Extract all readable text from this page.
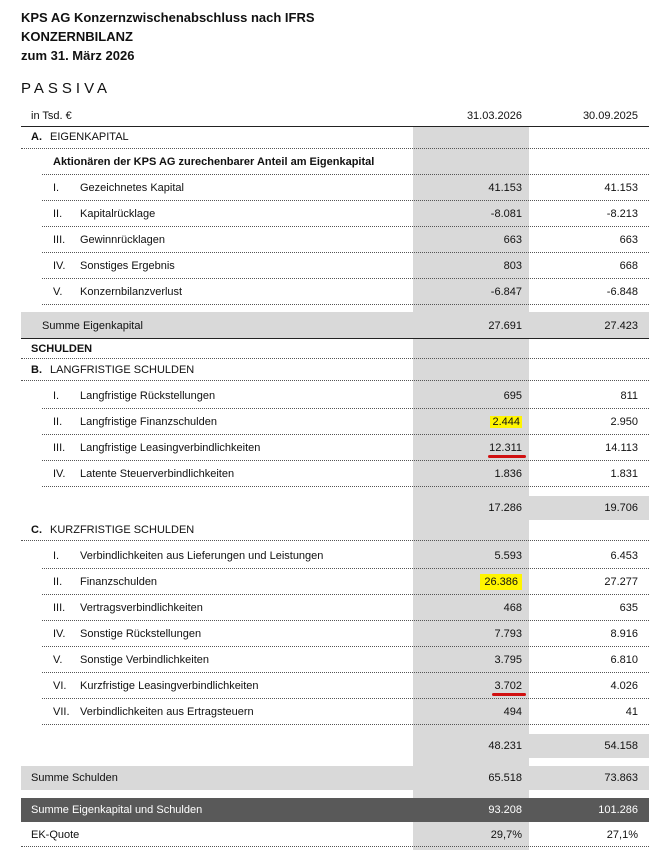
KPS AG Konzernzwischenabschluss nach IFRS
KONZERNBILANZ
zum 31. März 2026
PASSIVA
in Tsd. €	31.03.2026	30.09.2025
A. EIGENKAPITAL
Aktionären der KPS AG zurechenbarer Anteil am Eigenkapital
I. Gezeichnetes Kapital	41.153	41.153
II. Kapitalrücklage	-8.081	-8.213
III. Gewinnrücklagen	663	663
IV. Sonstiges Ergebnis	803	668
V. Konzernbilanzverlust	-6.847	-6.848
Summe Eigenkapital	27.691	27.423
SCHULDEN
B. LANGFRISTIGE SCHULDEN
I. Langfristige Rückstellungen	695	811
II. Langfristige Finanzschulden	2.444	2.950
III. Langfristige Leasingverbindlichkeiten	12.311	14.113
IV. Latente Steuerverbindlichkeiten	1.836	1.831
17.286	19.706
C. KURZFRISTIGE SCHULDEN
I. Verbindlichkeiten aus Lieferungen und Leistungen	5.593	6.453
II. Finanzschulden	26.386	27.277
III. Vertragsverbindlichkeiten	468	635
IV. Sonstige Rückstellungen	7.793	8.916
V. Sonstige Verbindlichkeiten	3.795	6.810
VI. Kurzfristige Leasingverbindlichkeiten	3.702	4.026
VII. Verbindlichkeiten aus Ertragsteuern	494	41
48.231	54.158
Summe Schulden	65.518	73.863
Summe Eigenkapital und Schulden	93.208	101.286
EK-Quote	29,7%	27,1%
